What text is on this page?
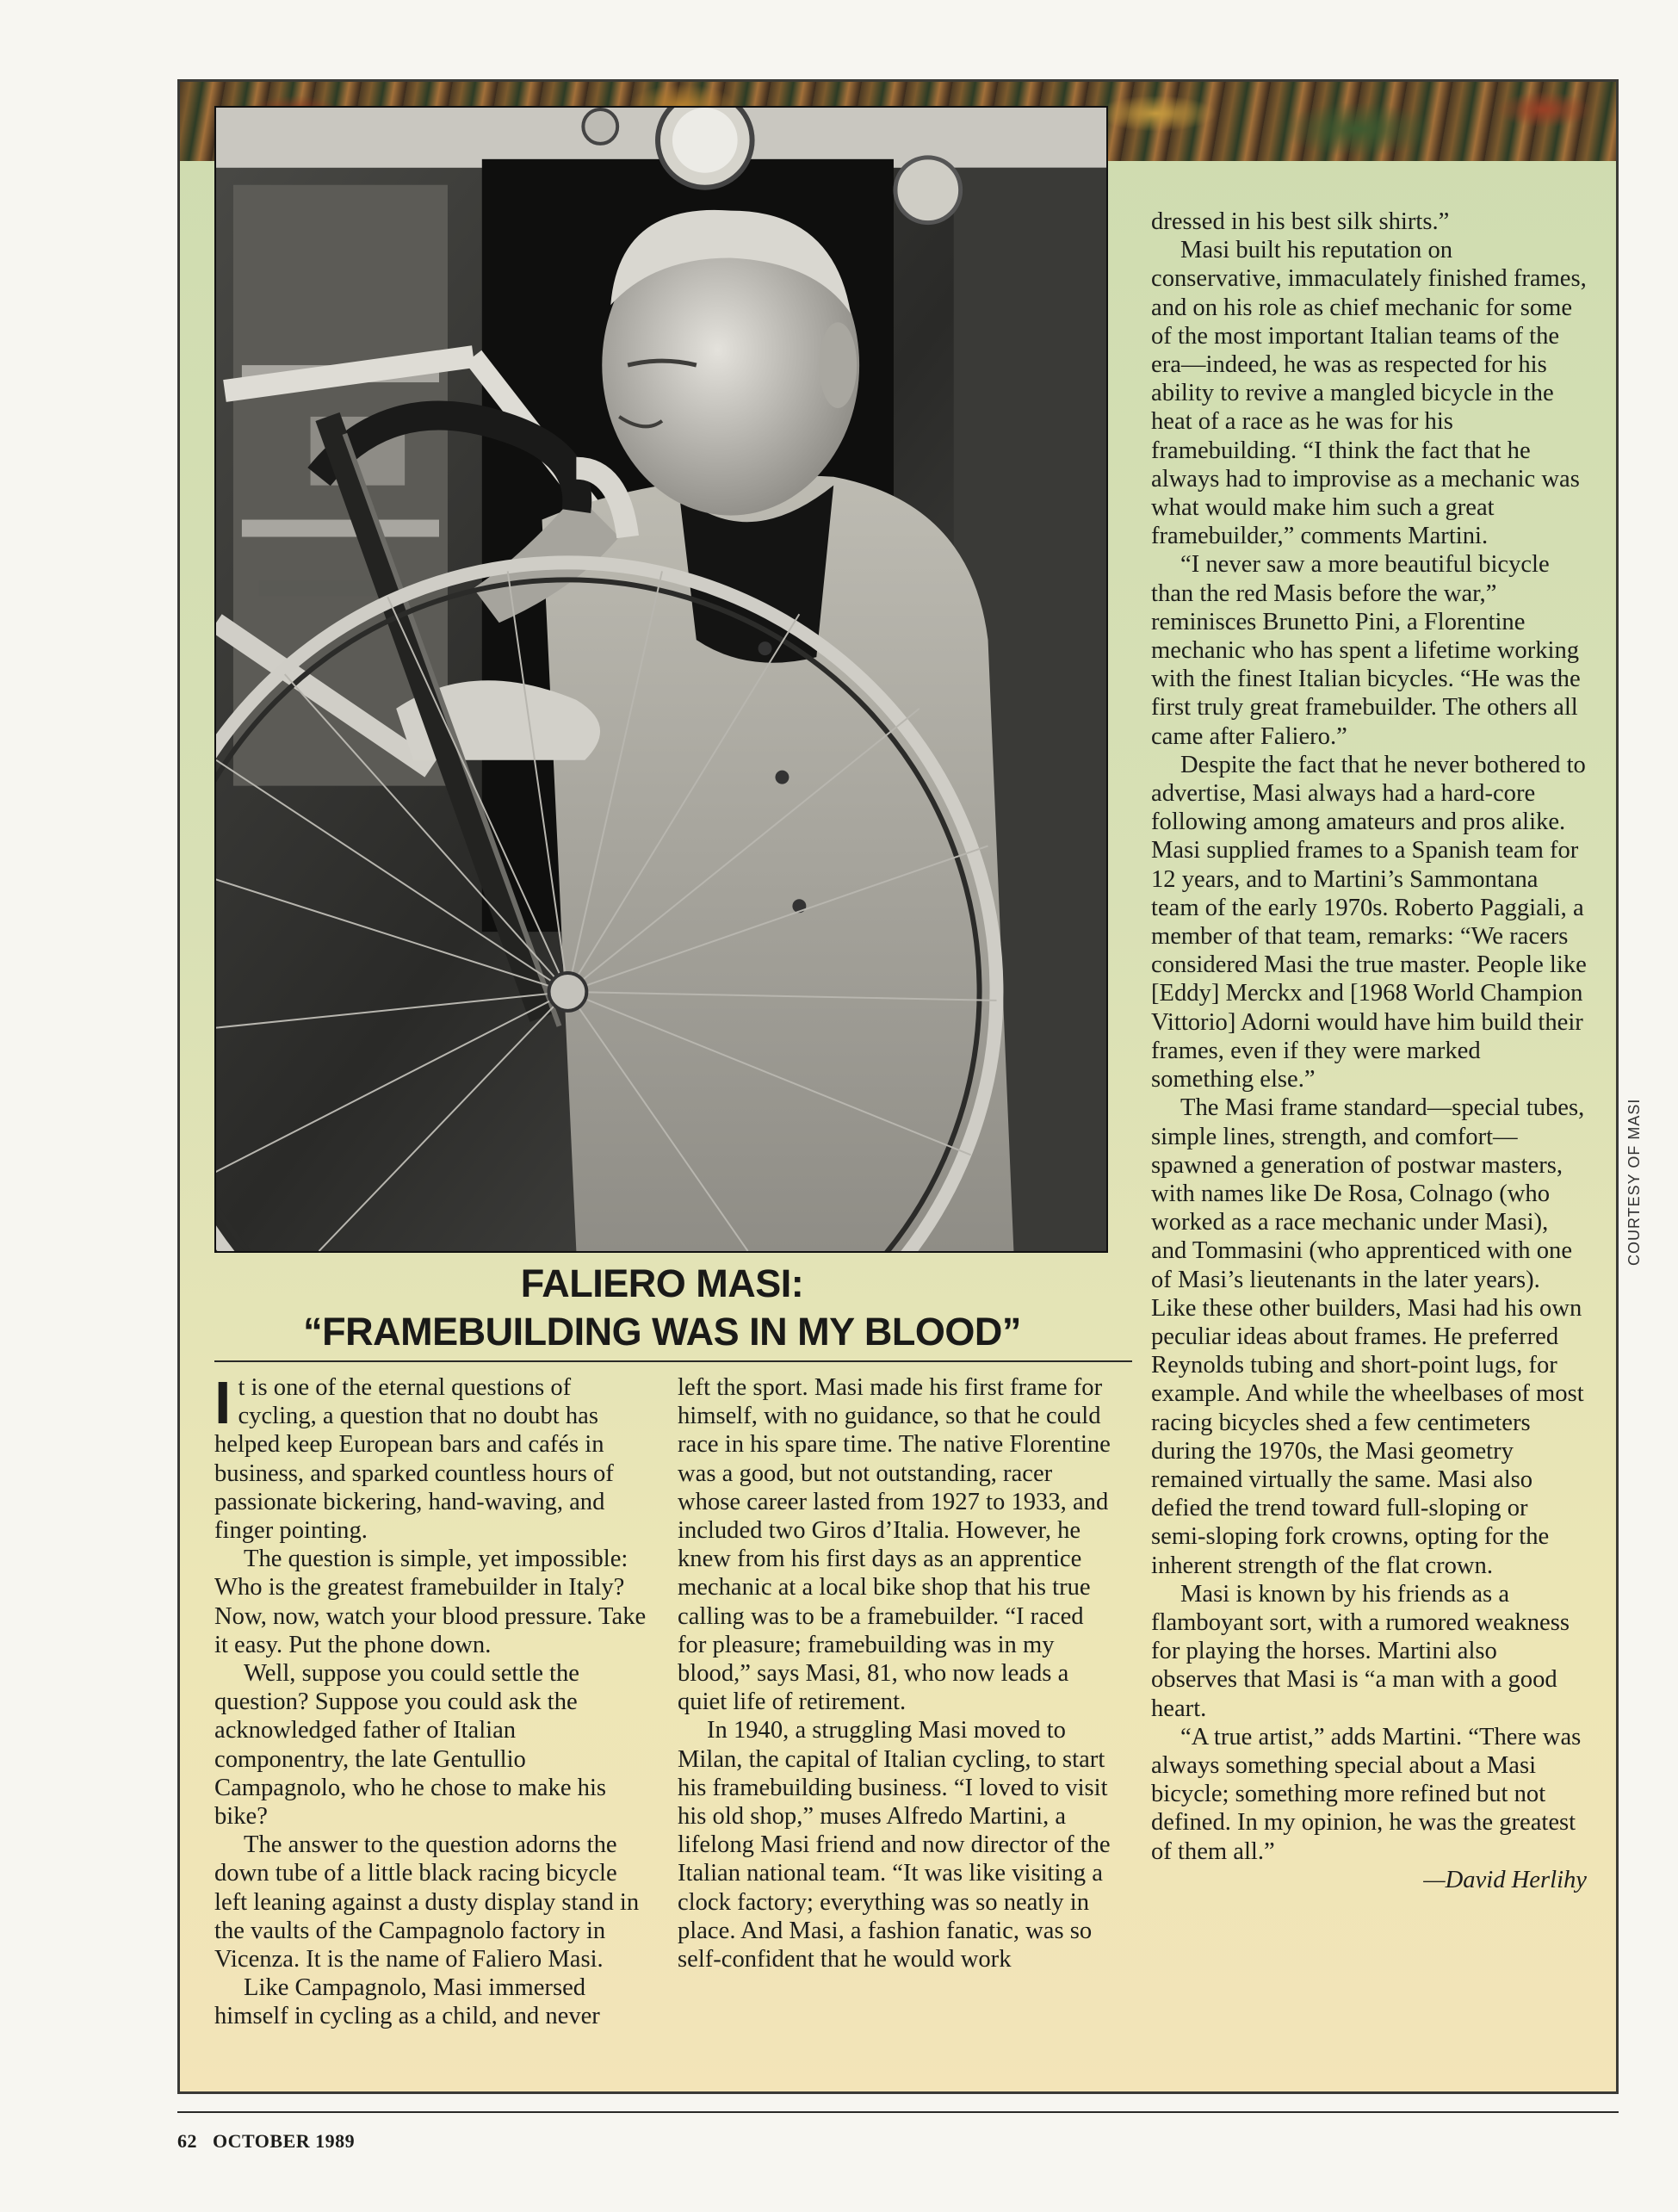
FALIERO MASI:
“FRAMEBUILDING WAS IN MY BLOOD”

It is one of the eternal questions of cycling, a question that no doubt has helped keep European bars and cafés in business, and sparked countless hours of passionate bickering, hand-waving, and finger pointing.

The question is simple, yet impossible: Who is the greatest framebuilder in Italy? Now, now, watch your blood pressure. Take it easy. Put the phone down.

Well, suppose you could settle the question? Suppose you could ask the acknowledged father of Italian componentry, the late Gentullio Campagnolo, who he chose to make his bike?

The answer to the question adorns the down tube of a little black racing bicycle left leaning against a dusty display stand in the vaults of the Campagnolo factory in Vicenza. It is the name of Faliero Masi.

Like Campagnolo, Masi immersed himself in cycling as a child, and never

left the sport. Masi made his first frame for himself, with no guidance, so that he could race in his spare time. The native Florentine was a good, but not outstanding, racer whose career lasted from 1927 to 1933, and included two Giros d’Italia. However, he knew from his first days as an apprentice mechanic at a local bike shop that his true calling was to be a framebuilder. “I raced for pleasure; framebuilding was in my blood,” says Masi, 81, who now leads a quiet life of retirement.

In 1940, a struggling Masi moved to Milan, the capital of Italian cycling, to start his framebuilding business. “I loved to visit his old shop,” muses Alfredo Martini, a lifelong Masi friend and now director of the Italian national team. “It was like visiting a clock factory; everything was so neatly in place. And Masi, a fashion fanatic, was so self-confident that he would work

dressed in his best silk shirts.”

Masi built his reputation on conservative, immaculately finished frames, and on his role as chief mechanic for some of the most important Italian teams of the era—indeed, he was as respected for his ability to revive a mangled bicycle in the heat of a race as he was for his framebuilding. “I think the fact that he always had to improvise as a mechanic was what would make him such a great framebuilder,” comments Martini.

“I never saw a more beautiful bicycle than the red Masis before the war,” reminisces Brunetto Pini, a Florentine mechanic who has spent a lifetime working with the finest Italian bicycles. “He was the first truly great framebuilder. The others all came after Faliero.”

Despite the fact that he never bothered to advertise, Masi always had a hard-core following among amateurs and pros alike. Masi supplied frames to a Spanish team for 12 years, and to Martini’s Sammontana team of the early 1970s. Roberto Paggiali, a member of that team, remarks: “We racers considered Masi the true master. People like [Eddy] Merckx and [1968 World Champion Vittorio] Adorni would have him build their frames, even if they were marked something else.”

The Masi frame standard—special tubes, simple lines, strength, and comfort—spawned a generation of postwar masters, with names like De Rosa, Colnago (who worked as a race mechanic under Masi), and Tommasini (who apprenticed with one of Masi’s lieutenants in the later years). Like these other builders, Masi had his own peculiar ideas about frames. He preferred Reynolds tubing and short-point lugs, for example. And while the wheelbases of most racing bicycles shed a few centimeters during the 1970s, the Masi geometry remained virtually the same. Masi also defied the trend toward full-sloping or semi-sloping fork crowns, opting for the inherent strength of the flat crown.

Masi is known by his friends as a flamboyant sort, with a rumored weakness for playing the horses. Martini also observes that Masi is “a man with a good heart.

“A true artist,” adds Martini. “There was always something special about a Masi bicycle; something more refined but not defined. In my opinion, he was the greatest of them all.”

—David Herlihy

COURTESY OF MASI
62 OCTOBER 1989
